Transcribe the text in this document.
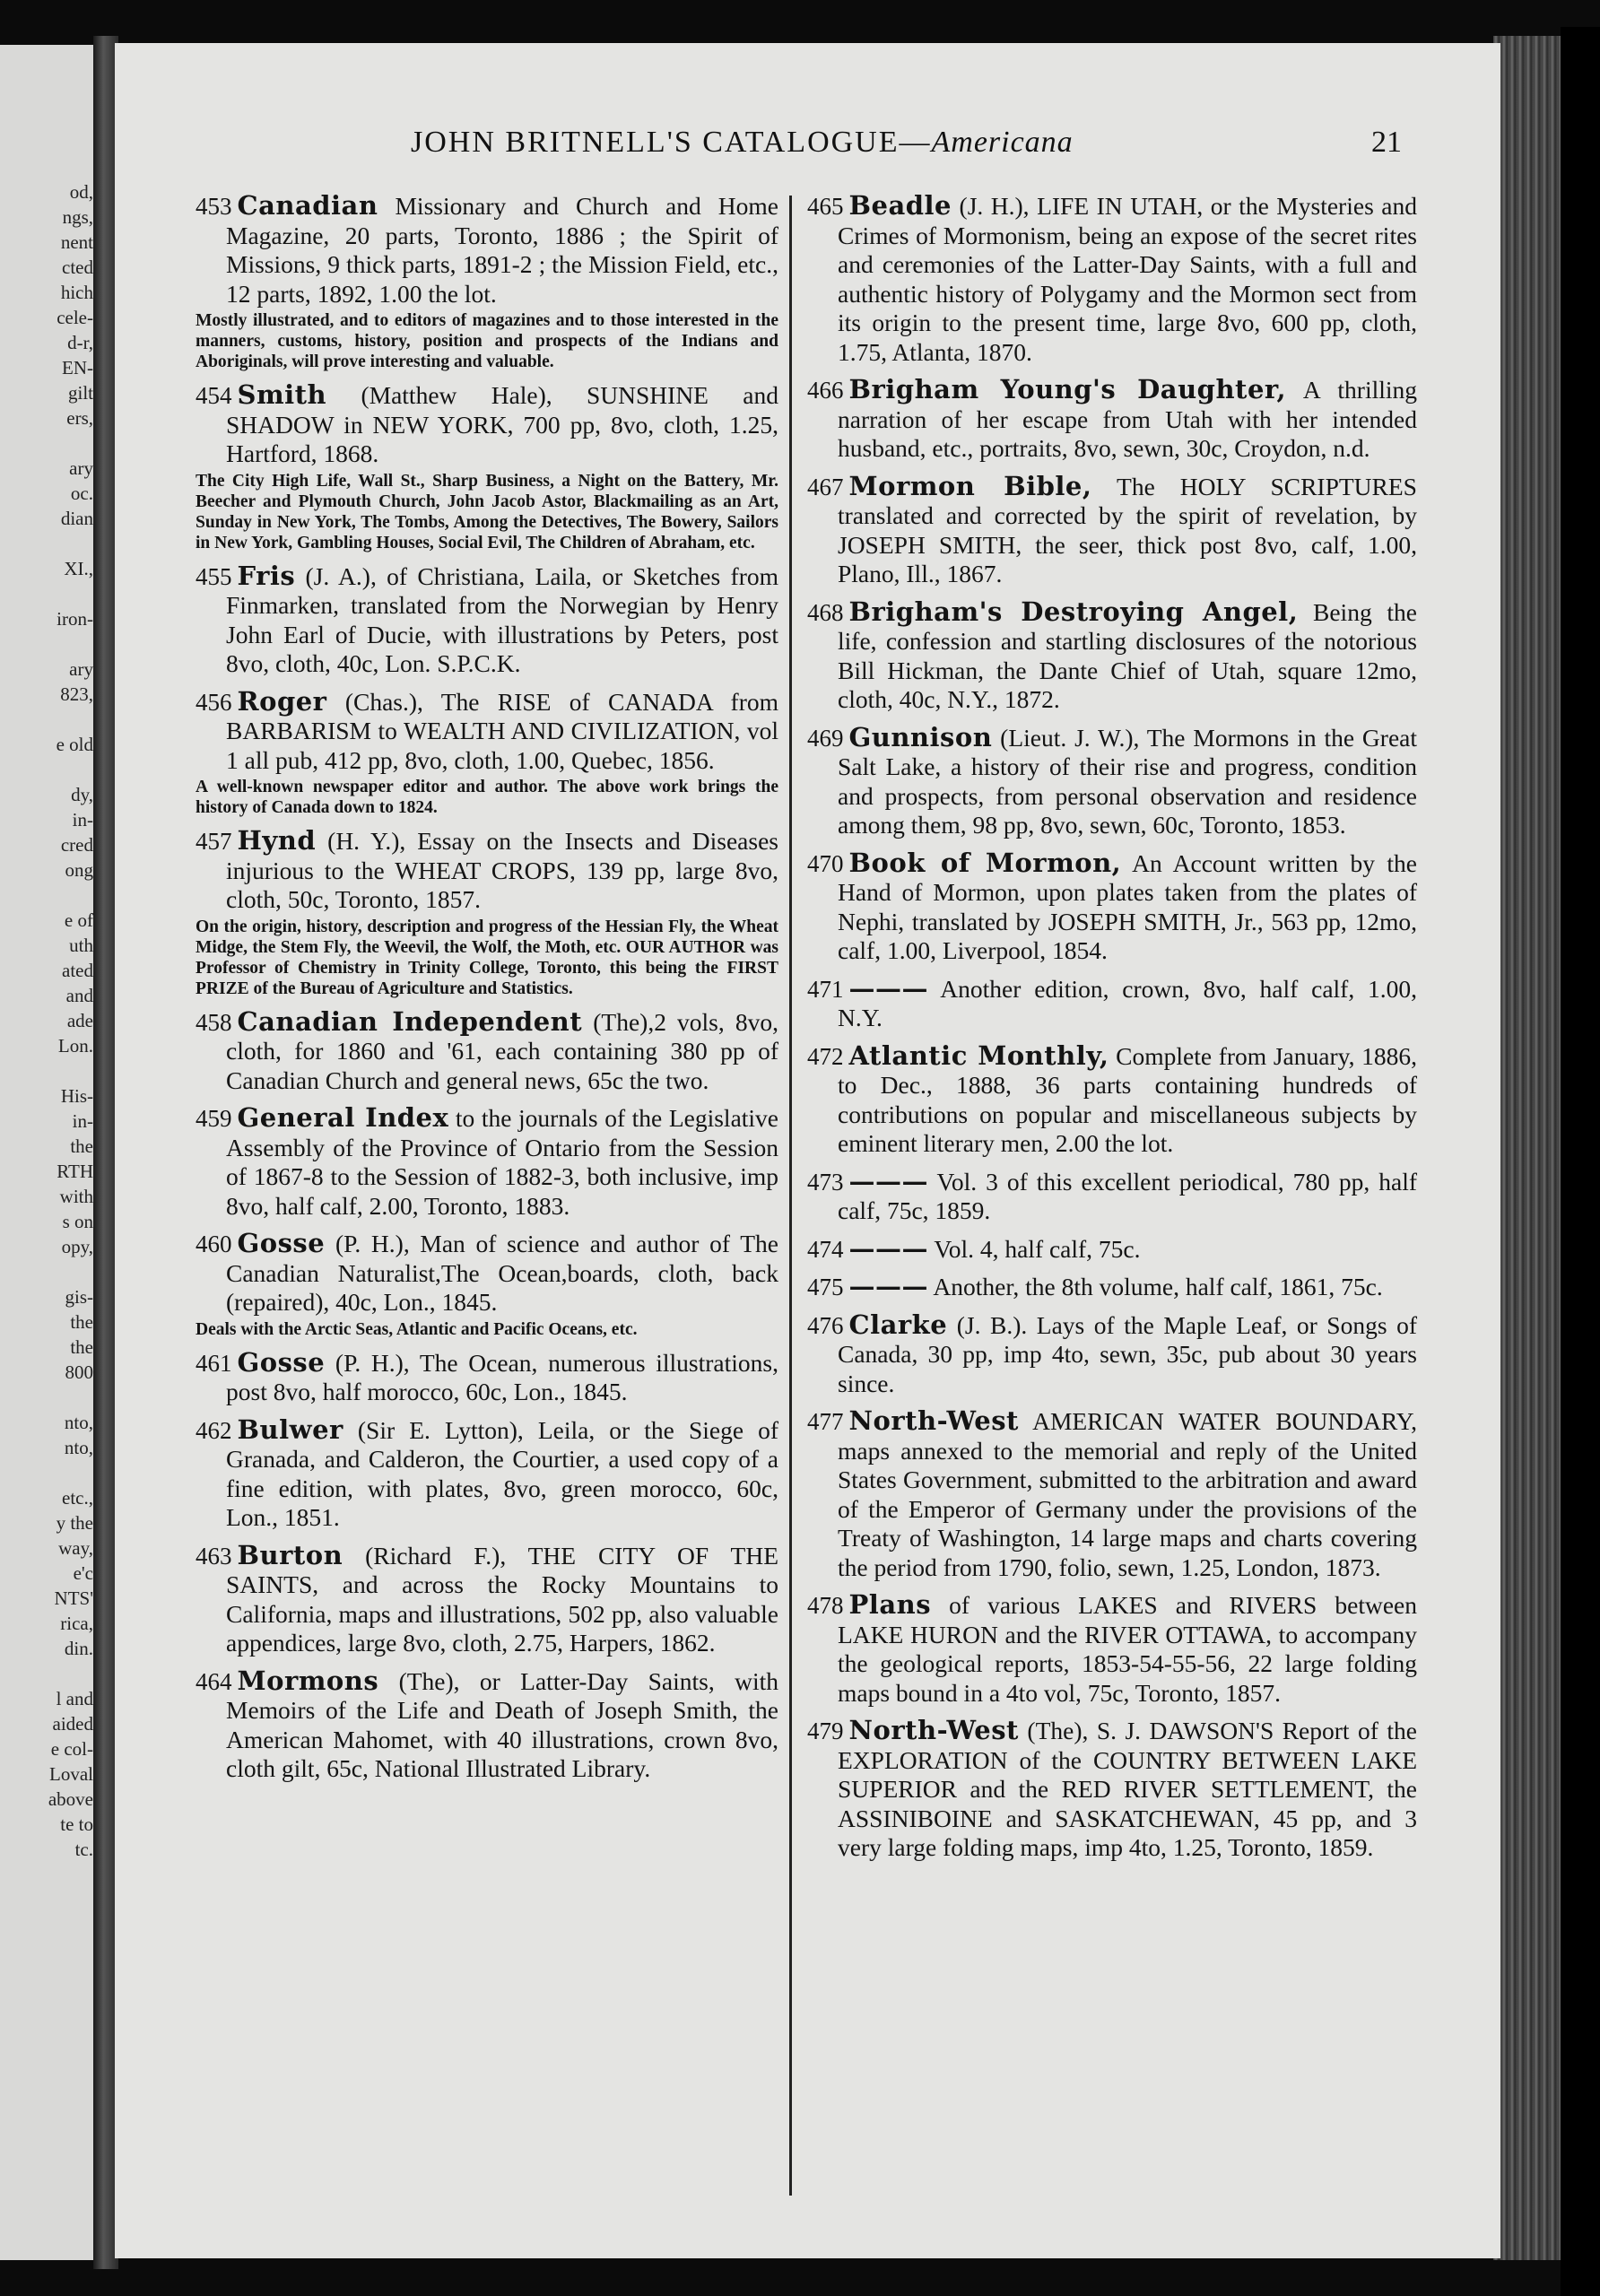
od,
ngs,
nent
cted
hich
cele-
d-r,
EN-
gilt
ers,
ary
oc.
dian
XI.,
iron-
ary
823,
e old
dy,
in-
cred
ong
e of
uth
ated
and
ade
Lon.
His-
in-
the
RTH
with
s on
opy,
gis-
the
the
800
nto,
nto,
etc.,
y the
way,
e'c
NTS'
rica,
din.
l and
aided
e col-
Loval
above
te to
tc.
JOHN BRITNELL'S CATALOGUE—Americana	21
453 Canadian Missionary and Church and Home Magazine, 20 parts, Toronto, 1886 ; the Spirit of Missions, 9 thick parts, 1891-2 ; the Mission Field, etc., 12 parts, 1892, 1.00 the lot.
Mostly illustrated, and to editors of magazines and to those interested in the manners, customs, history, position and prospects of the Indians and Aboriginals, will prove interesting and valuable.
454 Smith (Matthew Hale), SUNSHINE and SHADOW in NEW YORK, 700 pp, 8vo, cloth, 1.25, Hartford, 1868.
The City High Life, Wall St., Sharp Business, a Night on the Battery, Mr. Beecher and Plymouth Church, John Jacob Astor, Blackmailing as an Art, Sunday in New York, The Tombs, Among the Detectives, The Bowery, Sailors in New York, Gambling Houses, Social Evil, The Children of Abraham, etc.
455 Fris (J. A.), of Christiana, Laila, or Sketches from Finmarken, translated from the Norwegian by Henry John Earl of Ducie, with illustrations by Peters, post 8vo, cloth, 40c, Lon. S.P.C.K.
456 Roger (Chas.), The RISE of CANADA from BARBARISM to WEALTH AND CIVILIZATION, vol 1 all pub, 412 pp, 8vo, cloth, 1.00, Quebec, 1856.
A well-known newspaper editor and author. The above work brings the history of Canada down to 1824.
457 Hynd (H. Y.), Essay on the Insects and Diseases injurious to the WHEAT CROPS, 139 pp, large 8vo, cloth, 50c, Toronto, 1857.
On the origin, history, description and progress of the Hessian Fly, the Wheat Midge, the Stem Fly, the Weevil, the Wolf, the Moth, etc. OUR AUTHOR was Professor of Chemistry in Trinity College, Toronto, this being the FIRST PRIZE of the Bureau of Agriculture and Statistics.
458 Canadian Independent (The),2 vols, 8vo, cloth, for 1860 and '61, each containing 380 pp of Canadian Church and general news, 65c the two.
459 General Index to the journals of the Legislative Assembly of the Province of Ontario from the Session of 1867-8 to the Session of 1882-3, both inclusive, imp 8vo, half calf, 2.00, Toronto, 1883.
460 Gosse (P. H.), Man of science and author of The Canadian Naturalist,The Ocean,boards, cloth, back (repaired), 40c, Lon., 1845.
Deals with the Arctic Seas, Atlantic and Pacific Oceans, etc.
461 Gosse (P. H.), The Ocean, numerous illustrations, post 8vo, half morocco, 60c, Lon., 1845.
462 Bulwer (Sir E. Lytton), Leila, or the Siege of Granada, and Calderon, the Courtier, a used copy of a fine edition, with plates, 8vo, green morocco, 60c, Lon., 1851.
463 Burton (Richard F.), THE CITY OF THE SAINTS, and across the Rocky Mountains to California, maps and illustrations, 502 pp, also valuable appendices, large 8vo, cloth, 2.75, Harpers, 1862.
464 Mormons (The), or Latter-Day Saints, with Memoirs of the Life and Death of Joseph Smith, the American Mahomet, with 40 illustrations, crown 8vo, cloth gilt, 65c, National Illustrated Library.
465 Beadle (J. H.), LIFE IN UTAH, or the Mysteries and Crimes of Mormonism, being an expose of the secret rites and ceremonies of the Latter-Day Saints, with a full and authentic history of Polygamy and the Mormon sect from its origin to the present time, large 8vo, 600 pp, cloth, 1.75, Atlanta, 1870.
466 Brigham Young's Daughter, A thrilling narration of her escape from Utah with her intended husband, etc., portraits, 8vo, sewn, 30c, Croydon, n.d.
467 Mormon Bible, The HOLY SCRIPTURES translated and corrected by the spirit of revelation, by JOSEPH SMITH, the seer, thick post 8vo, calf, 1.00, Plano, Ill., 1867.
468 Brigham's Destroying Angel, Being the life, confession and startling disclosures of the notorious Bill Hickman, the Dante Chief of Utah, square 12mo, cloth, 40c, N.Y., 1872.
469 Gunnison (Lieut. J. W.), The Mormons in the Great Salt Lake, a history of their rise and progress, condition and prospects, from personal observation and residence among them, 98 pp, 8vo, sewn, 60c, Toronto, 1853.
470 Book of Mormon, An Account written by the Hand of Mormon, upon plates taken from the plates of Nephi, translated by JOSEPH SMITH, Jr., 563 pp, 12mo, calf, 1.00, Liverpool, 1854.
471 ——— Another edition, crown, 8vo, half calf, 1.00, N.Y.
472 Atlantic Monthly, Complete from January, 1886, to Dec., 1888, 36 parts containing hundreds of contributions on popular and miscellaneous subjects by eminent literary men, 2.00 the lot.
473 ——— Vol. 3 of this excellent periodical, 780 pp, half calf, 75c, 1859.
474 ——— Vol. 4, half calf, 75c.
475 ——— Another, the 8th volume, half calf, 1861, 75c.
476 Clarke (J. B.). Lays of the Maple Leaf, or Songs of Canada, 30 pp, imp 4to, sewn, 35c, pub about 30 years since.
477 North-West AMERICAN WATER BOUNDARY, maps annexed to the memorial and reply of the United States Government, submitted to the arbitration and award of the Emperor of Germany under the provisions of the Treaty of Washington, 14 large maps and charts covering the period from 1790, folio, sewn, 1.25, London, 1873.
478 Plans of various LAKES and RIVERS between LAKE HURON and the RIVER OTTAWA, to accompany the geological reports, 1853-54-55-56, 22 large folding maps bound in a 4to vol, 75c, Toronto, 1857.
479 North-West (The), S. J. DAWSON'S Report of the EXPLORATION of the COUNTRY BETWEEN LAKE SUPERIOR and the RED RIVER SETTLEMENT, the ASSINIBOINE and SASKATCHEWAN, 45 pp, and 3 very large folding maps, imp 4to, 1.25, Toronto, 1859.
